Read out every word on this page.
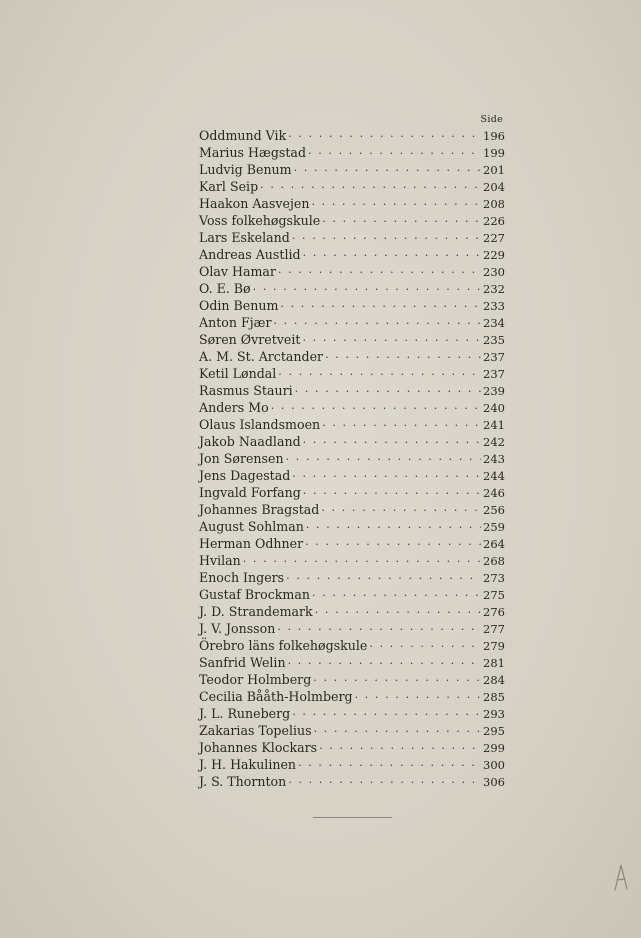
Side
Oddmund Vik · · ·	196
Marius Hægstad · · ·	199
Ludvig Benum · · ·	201
Karl Seip · · ·	204
Haakon Aasvejen · · ·	208
Voss folkehøgskule · · ·	226
Lars Eskeland · · ·	227
Andreas Austlid · · ·	229
Olav Hamar · · ·	230
O. E. Bø · · ·	232
Odin Benum · · ·	233
Anton Fjær · · ·	234
Søren Øvretveit · · ·	235
A. M. St. Arctander · · ·	237
Ketil Løndal · · ·	237
Rasmus Stauri · · ·	239
Anders Mo · · ·	240
Olaus Islandsmoen · · ·	241
Jakob Naadland · · ·	242
Jon Sørensen · · ·	243
Jens Dagestad · · ·	244
Ingvald Forfang · · ·	246
Johannes Bragstad · · ·	256
August Sohlman · · ·	259
Herman Odhner · · ·	264
Hvilan · · ·	268
Enoch Ingers · · ·	273
Gustaf Brockman · · ·	275
J. D. Strandemark · · ·	276
J. V. Jonsson · · ·	277
Örebro läns folkehøgskule · · ·	279
Sanfrid Welin · · ·	281
Teodor Holmberg · · ·	284
Cecilia Bååth-Holmberg · · ·	285
J. L. Runeberg · · ·	293
Zakarias Topelius · · ·	295
Johannes Klockars · · ·	299
J. H. Hakulinen · · ·	300
J. S. Thornton · · ·	306
